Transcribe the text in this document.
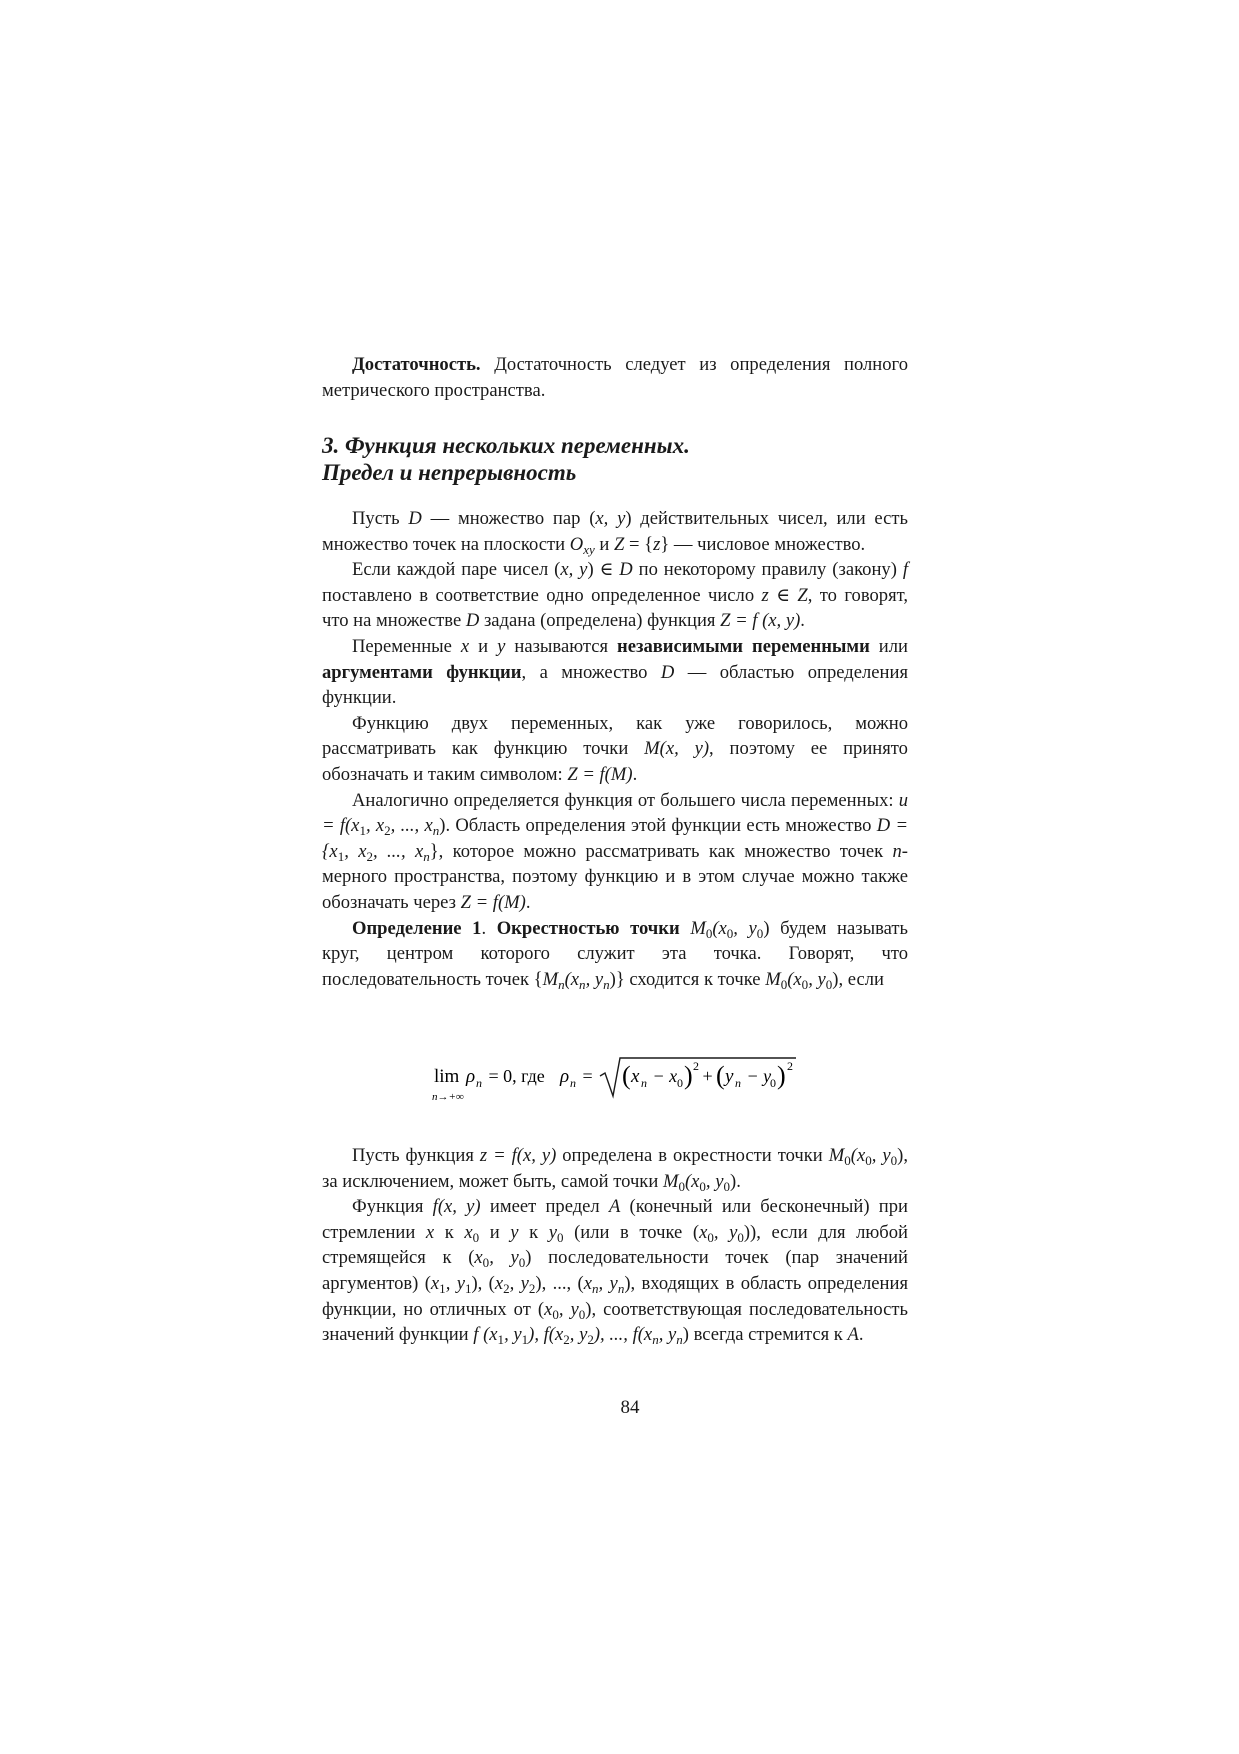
Достаточность. Достаточность следует из определения полного метрического пространства.

3. Функция нескольких переменных.
Предел и непрерывность

Пусть D — множество пар (x, y) действительных чисел, или есть множество точек на плоскости $O_{xy}$ и Z = {z} — числовое множество.

Если каждой паре чисел (x, y) ∈ D по некоторому правилу (закону) f поставлено в соответствие одно определенное число z ∈ Z, то говорят, что на множестве D задана (определена) функция Z = f (x, y).

Переменные x и y называются независимыми переменными или аргументами функции, а множество D — областью определения функции.

Функцию двух переменных, как уже говорилось, можно рассматривать как функцию точки M(x, y), поэтому ее принято обозначать и таким символом: Z = f(M).

Аналогично определяется функция от большего числа переменных: $u = f(x_1$, $x_2$, ..., $x_n$). Область определения этой функции есть множество $D = \{x_1$, $x_2$, ..., $x_n$}, которое можно рассматривать как множество точек n-мерного пространства, поэтому функцию и в этом случае можно также обозначать через Z = f(M).

Определение 1. Окрестностью точки $M_0(x_0$, $y_0$) будем называть круг, центром которого служит эта точка. Говорят, что последовательность точек {$M_n(x_n$, $y_n$)} сходится к точке $M_0(x_0$, $y_0$), если

lim
n→+∞
ρ n = 0, где ρ n = ( x n − x 0 ) 2 +
( y n − y
0 ) 2

Пусть функция z = f(x, y) определена в окрестности точки $M_0(x_0$, $y_0$), за исключением, может быть, самой точки $M_0(x_0$, $y_0$).

Функция f(x, y) имеет предел A (конечный или бесконечный) при стремлении x к $x_0$ и y к $y_0$ (или в точке ($x_0$, $y_0$)), если для любой стремящейся к ($x_0$, $y_0$) последовательности точек (пар значений аргументов) ($x_1$, $y_1$), ($x_2$, $y_2$), ..., ($x_n$, $y_n$), входящих в область определения функции, но отличных от ($x_0$, $y_0$), соответствующая последовательность значений функции f ($x_1$, $y_1$), $f(x_2$, $y_2$), ..., $f(x_n$, $y_n$) всегда стремится к A.

84
